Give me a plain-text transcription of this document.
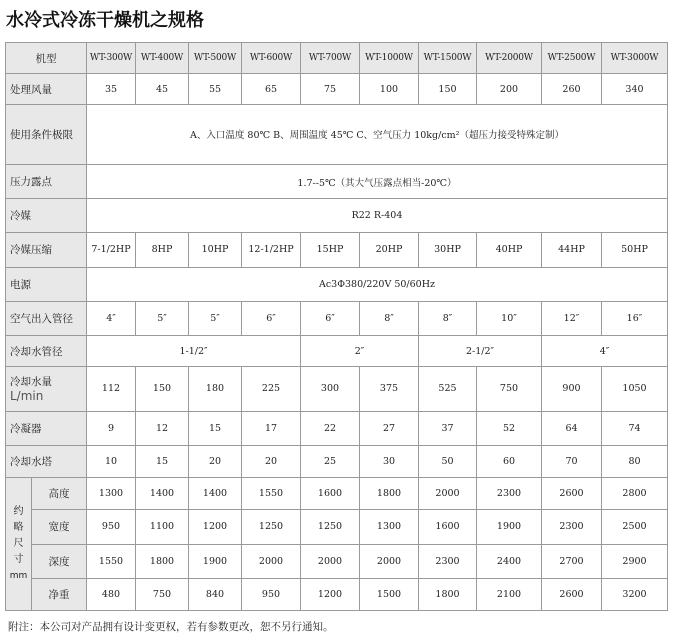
水冷式冷冻干燥机之规格
机型		WT-300W	WT-400W	WT-500W	WT-600W	WT-700W	WT-1000W	WT-1500W	WT-2000W	WT-2500W	WT-3000W
处理风量		35	45	55	65	75	100	150	200	260	340
使用条件极限		A、入口温度 80℃ B、周围温度 45℃ C、空气压力 10kg/cm²（超压力接受特殊定制）									
压力露点		1.7--5℃（其大气压露点相当-20℃）									
冷媒		R22 R-404									
冷媒压缩		7-1/2HP	8HP	10HP	12-1/2HP	15HP	20HP	30HP	40HP	44HP	50HP
电源		Ac3Φ380/220V 50/60Hz									
空气出入管径		4″	5″	5″	6″	6″	8″	8″	10″	12″	16″
冷却水管径		1-1/2″				2″		2-1/2″		4″	

冷却水量
L/min		112	150	180	225	300	375	525	750	900	1050
冷凝器		9	12	15	17	22	27	37	52	64	74
冷却水塔		10	15	20	20	25	30	50	60	70	80

约略尺寸
mm	高度	1300	1400	1400	1550	1600	1800	2000	2300	2600	2800
	宽度	950	1100	1200	1250	1250	1300	1600	1900	2300	2500
	深度	1550	1800	1900	2000	2000	2000	2300	2400	2700	2900
	净重	480	750	840	950	1200	1500	1800	2100	2600	3200
附注：本公司对产品拥有设计变更权，若有参数更改，恕不另行通知。
